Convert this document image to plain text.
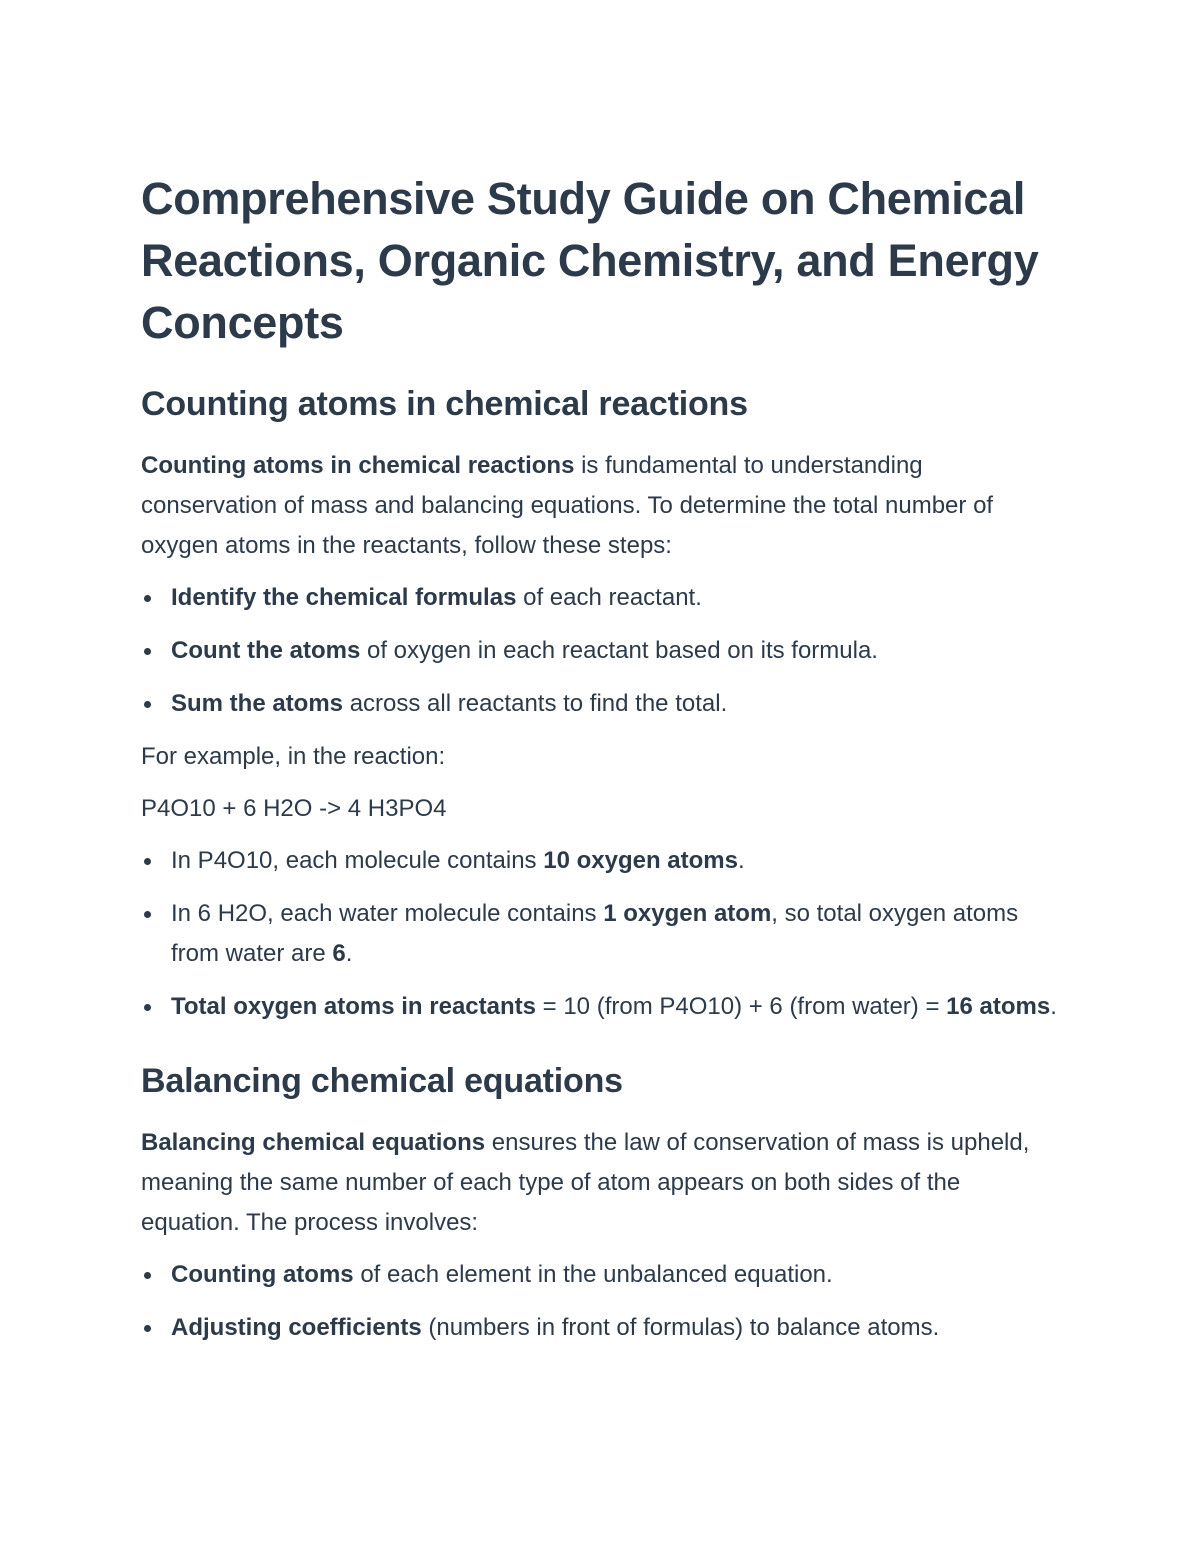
Comprehensive Study Guide on Chemical Reactions, Organic Chemistry, and Energy Concepts
Counting atoms in chemical reactions

Counting atoms in chemical reactions is fundamental to understanding conservation of mass and balancing equations. To determine the total number of oxygen atoms in the reactants, follow these steps:

Identify the chemical formulas of each reactant.
Count the atoms of oxygen in each reactant based on its formula.
Sum the atoms across all reactants to find the total.

For example, in the reaction:

P4O10 + 6 H2O -> 4 H3PO4

In P4O10, each molecule contains 10 oxygen atoms.
In 6 H2O, each water molecule contains 1 oxygen atom, so total oxygen atoms from water are 6.
Total oxygen atoms in reactants = 10 (from P4O10) + 6 (from water) = 16 atoms.
Balancing chemical equations

Balancing chemical equations ensures the law of conservation of mass is upheld, meaning the same number of each type of atom appears on both sides of the equation. The process involves:

Counting atoms of each element in the unbalanced equation.
Adjusting coefficients (numbers in front of formulas) to balance atoms.
